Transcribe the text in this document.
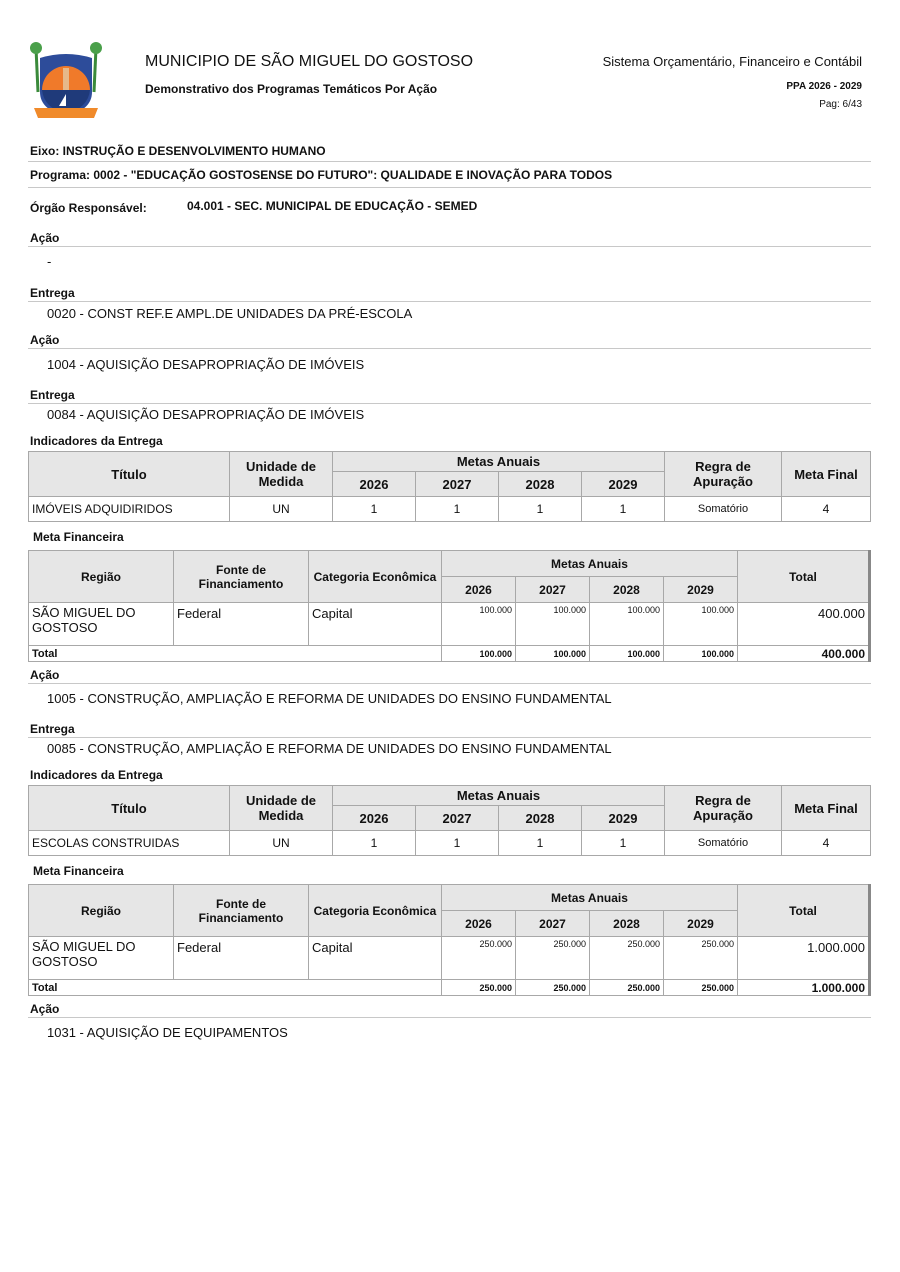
MUNICIPIO DE SÃO MIGUEL DO GOSTOSO
Demonstrativo dos Programas Temáticos Por Ação
Sistema Orçamentário, Financeiro e Contábil
PPA 2026 - 2029
Pag: 6/43
Eixo: INSTRUÇÃO E DESENVOLVIMENTO HUMANO
Programa: 0002 - "EDUCAÇÃO GOSTOSENSE DO FUTURO": QUALIDADE E INOVAÇÃO PARA TODOS
Órgão Responsável:	04.001 - SEC. MUNICIPAL DE EDUCAÇÃO - SEMED
Ação
-
Entrega
0020 - CONST REF.E AMPL.DE UNIDADES DA PRÉ-ESCOLA
Ação
1004 - AQUISIÇÃO DESAPROPRIAÇÃO DE IMÓVEIS
Entrega
0084 - AQUISIÇÃO DESAPROPRIAÇÃO DE IMÓVEIS
Indicadores da Entrega
Título	Unidade de Medida	Metas Anuais				Regra de Apuração	Meta Final
		2026	2027	2028	2029		
IMÓVEIS ADQUIDIRIDOS	UN	1	1	1	1	Somatório	4
Meta Financeira
Região	Fonte de Financiamento	Categoria Econômica	Metas Anuais				Total
			2026	2027	2028	2029	
SÃO MIGUEL DO GOSTOSO	Federal	Capital	100.000	100.000	100.000	100.000	400.000
Total			100.000	100.000	100.000	100.000	400.000
Ação
1005 - CONSTRUÇÃO, AMPLIAÇÃO E REFORMA DE UNIDADES DO ENSINO FUNDAMENTAL
Entrega
0085 - CONSTRUÇÃO, AMPLIAÇÃO E REFORMA DE UNIDADES DO ENSINO FUNDAMENTAL
Indicadores da Entrega
Título	Unidade de Medida	Metas Anuais				Regra de Apuração	Meta Final
		2026	2027	2028	2029		
ESCOLAS CONSTRUIDAS	UN	1	1	1	1	Somatório	4
Meta Financeira
Região	Fonte de Financiamento	Categoria Econômica	Metas Anuais				Total
			2026	2027	2028	2029	
SÃO MIGUEL DO GOSTOSO	Federal	Capital	250.000	250.000	250.000	250.000	1.000.000
Total			250.000	250.000	250.000	250.000	1.000.000
Ação
1031 - AQUISIÇÃO DE EQUIPAMENTOS
